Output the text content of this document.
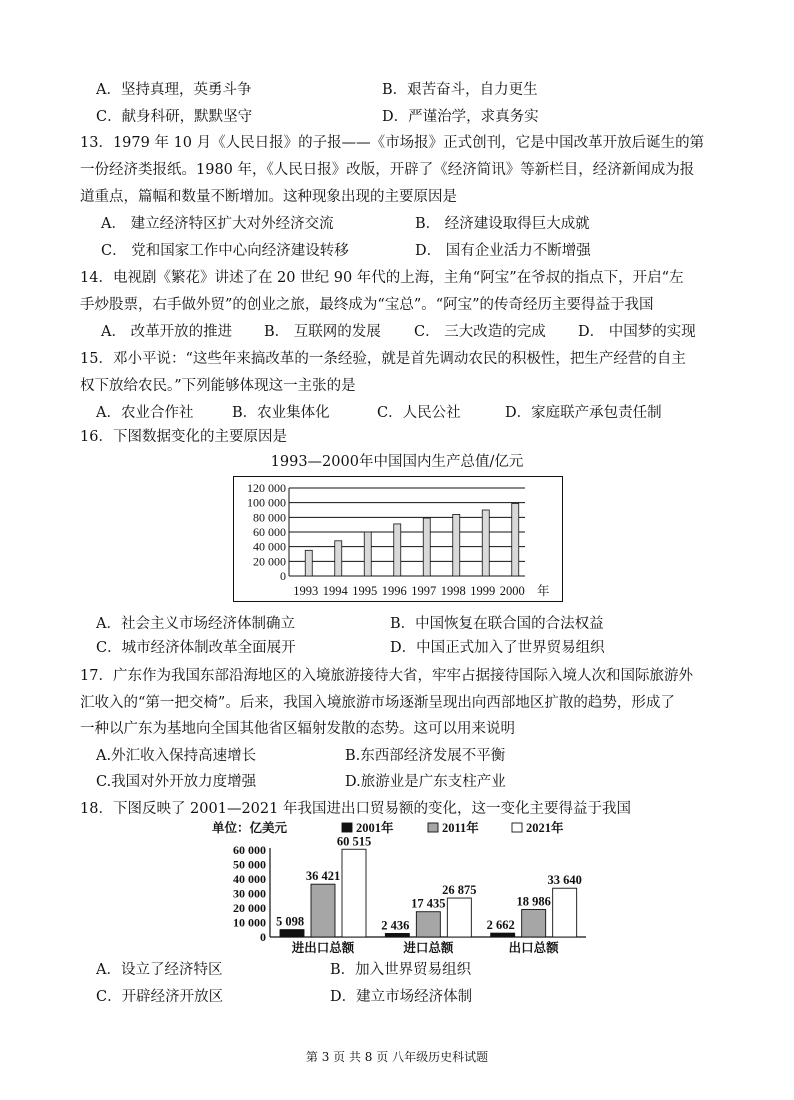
A．坚持真理，英勇斗争	B．艰苦奋斗，自力更生
C．献身科研，默默坚守	D．严谨治学，求真务实
13．1979 年 10 月《人民日报》的子报——《市场报》正式创刊，它是中国改革开放后诞生的第
一份经济类报纸。1980 年，《人民日报》改版，开辟了《经济简讯》等新栏目，经济新闻成为报
道重点，篇幅和数量不断增加。这种现象出现的主要原因是
A． 建立经济特区扩大对外经济交流	B． 经济建设取得巨大成就
C． 党和国家工作中心向经济建设转移	D． 国有企业活力不断增强
14．电视剧《繁花》讲述了在 20 世纪 90 年代的上海，主角“阿宝”在爷叔的指点下，开启“左
手炒股票，右手做外贸”的创业之旅，最终成为“宝总”。“阿宝”的传奇经历主要得益于我国
A． 改革开放的推进 B． 互联网的发展 C． 三大改造的完成 D． 中国梦的实现
15．邓小平说：“这些年来搞改革的一条经验，就是首先调动农民的积极性，把生产经营的自主
权下放给农民。”下列能够体现这一主张的是
A．农业合作社	B．农业集体化	C．人民公社	D．家庭联产承包责任制
16．下图数据变化的主要原因是
1993—2000年中国国内生产总值/亿元
0
20 000
40 000
60 000
80 000
100 000
120 000
1993 1994 1995 1996 1997 1998 1999 2000 年
A．社会主义市场经济体制确立	B．中国恢复在联合国的合法权益
C．城市经济体制改革全面展开	D．中国正式加入了世界贸易组织
17．广东作为我国东部沿海地区的入境旅游接待大省，牢牢占据接待国际入境人次和国际旅游外
汇收入的“第一把交椅”。后来，我国入境旅游市场逐渐呈现出向西部地区扩散的趋势，形成了
一种以广东为基地向全国其他省区辐射发散的态势。这可以用来说明
A.外汇收入保持高速增长	B.东西部经济发展不平衡
C.我国对外开放力度增强	D.旅游业是广东支柱产业
18．下图反映了 2001—2021 年我国进出口贸易额的变化，这一变化主要得益于我国
单位：亿美元	2001年	2011年	2021年
5 098
36 421
60 515
2 436
17 435
26 875
2 662
18 986
33 640
0
10 000
20 000
30 000
40 000
50 000
60 000
进出口总额	进口总额	出口总额
A．设立了经济特区	B．加入世界贸易组织
C．开辟经济开放区	D．建立市场经济体制
第 3 页 共 8 页 八年级历史科试题
